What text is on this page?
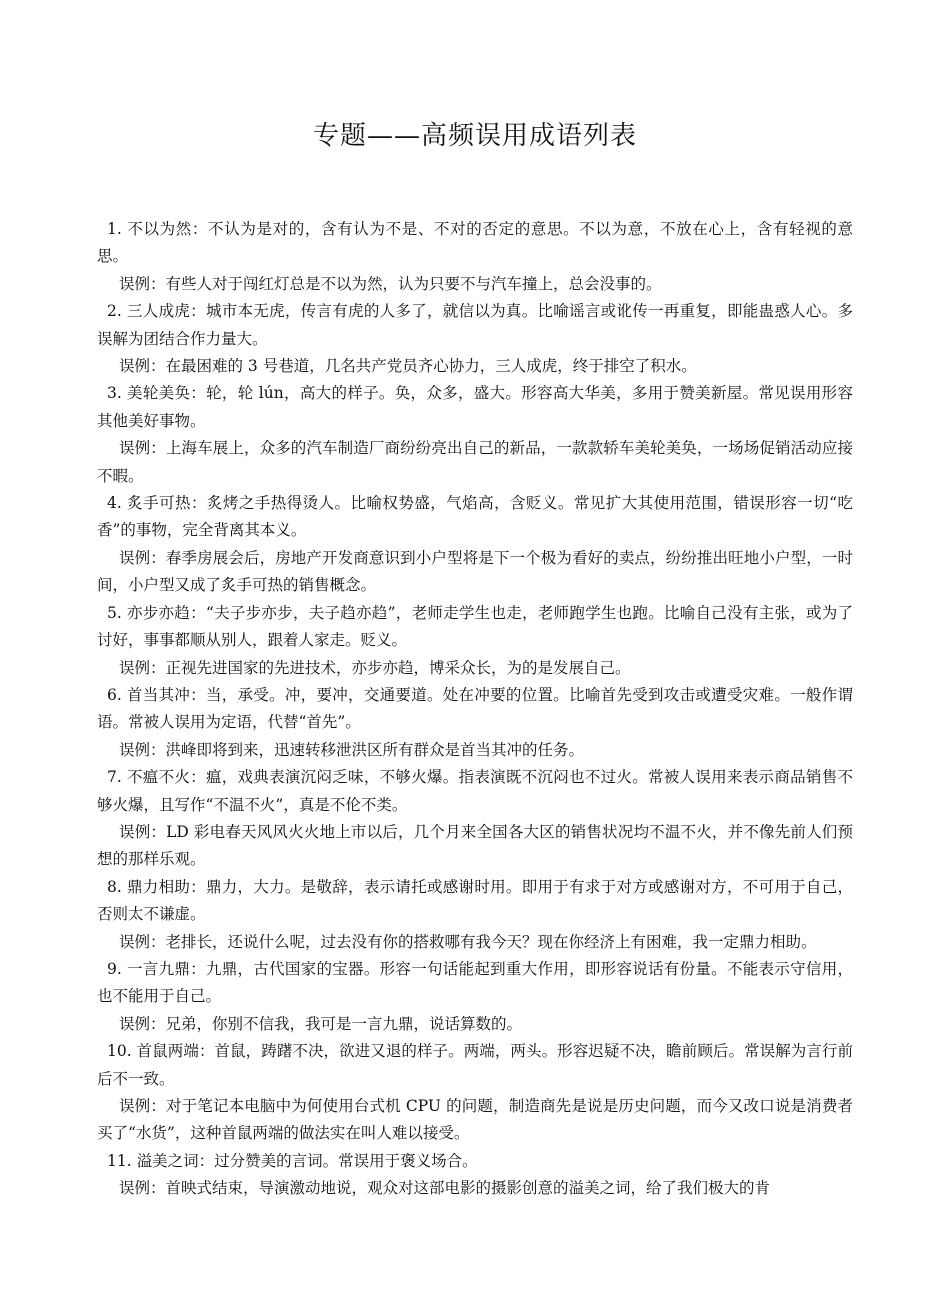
专题——高频误用成语列表

1. 不以为然：不认为是对的，含有认为不是、不对的否定的意思。不以为意，不放在心上，含有轻视的意思。

误例：有些人对于闯红灯总是不以为然，认为只要不与汽车撞上，总会没事的。

2. 三人成虎：城市本无虎，传言有虎的人多了，就信以为真。比喻谣言或讹传一再重复，即能蛊惑人心。多误解为团结合作力量大。

误例：在最困难的 3 号巷道，几名共产党员齐心协力，三人成虎，终于排空了积水。

3. 美轮美奂：轮，轮 lún，高大的样子。奂，众多，盛大。形容高大华美，多用于赞美新屋。常见误用形容其他美好事物。

误例：上海车展上，众多的汽车制造厂商纷纷亮出自己的新品，一款款轿车美轮美奂，一场场促销活动应接不暇。

4. 炙手可热：炙烤之手热得烫人。比喻权势盛，气焰高，含贬义。常见扩大其使用范围，错误形容一切“吃香”的事物，完全背离其本义。

误例：春季房展会后，房地产开发商意识到小户型将是下一个极为看好的卖点，纷纷推出旺地小户型，一时间，小户型又成了炙手可热的销售概念。

5. 亦步亦趋：“夫子步亦步，夫子趋亦趋”，老师走学生也走，老师跑学生也跑。比喻自己没有主张，或为了讨好，事事都顺从别人，跟着人家走。贬义。

误例：正视先进国家的先进技术，亦步亦趋，博采众长，为的是发展自己。

6. 首当其冲：当，承受。冲，要冲，交通要道。处在冲要的位置。比喻首先受到攻击或遭受灾难。一般作谓语。常被人误用为定语，代替“首先”。

误例：洪峰即将到来，迅速转移泄洪区所有群众是首当其冲的任务。

7. 不瘟不火：瘟，戏典表演沉闷乏味，不够火爆。指表演既不沉闷也不过火。常被人误用来表示商品销售不够火爆，且写作“不温不火”，真是不伦不类。

误例：LD 彩电春天风风火火地上市以后，几个月来全国各大区的销售状况均不温不火，并不像先前人们预想的那样乐观。

8. 鼎力相助：鼎力，大力。是敬辞，表示请托或感谢时用。即用于有求于对方或感谢对方，不可用于自己，否则太不谦虚。

误例：老排长，还说什么呢，过去没有你的搭救哪有我今天？现在你经济上有困难，我一定鼎力相助。

9. 一言九鼎：九鼎，古代国家的宝器。形容一句话能起到重大作用，即形容说话有份量。不能表示守信用，也不能用于自己。

误例：兄弟，你别不信我，我可是一言九鼎，说话算数的。

10. 首鼠两端：首鼠，踌躇不决，欲进又退的样子。两端，两头。形容迟疑不决，瞻前顾后。常误解为言行前后不一致。

误例：对于笔记本电脑中为何使用台式机 CPU 的问题，制造商先是说是历史问题，而今又改口说是消费者买了“水货”，这种首鼠两端的做法实在叫人难以接受。

11. 溢美之词：过分赞美的言词。常误用于褒义场合。

误例：首映式结束，导演激动地说，观众对这部电影的摄影创意的溢美之词，给了我们极大的肯
